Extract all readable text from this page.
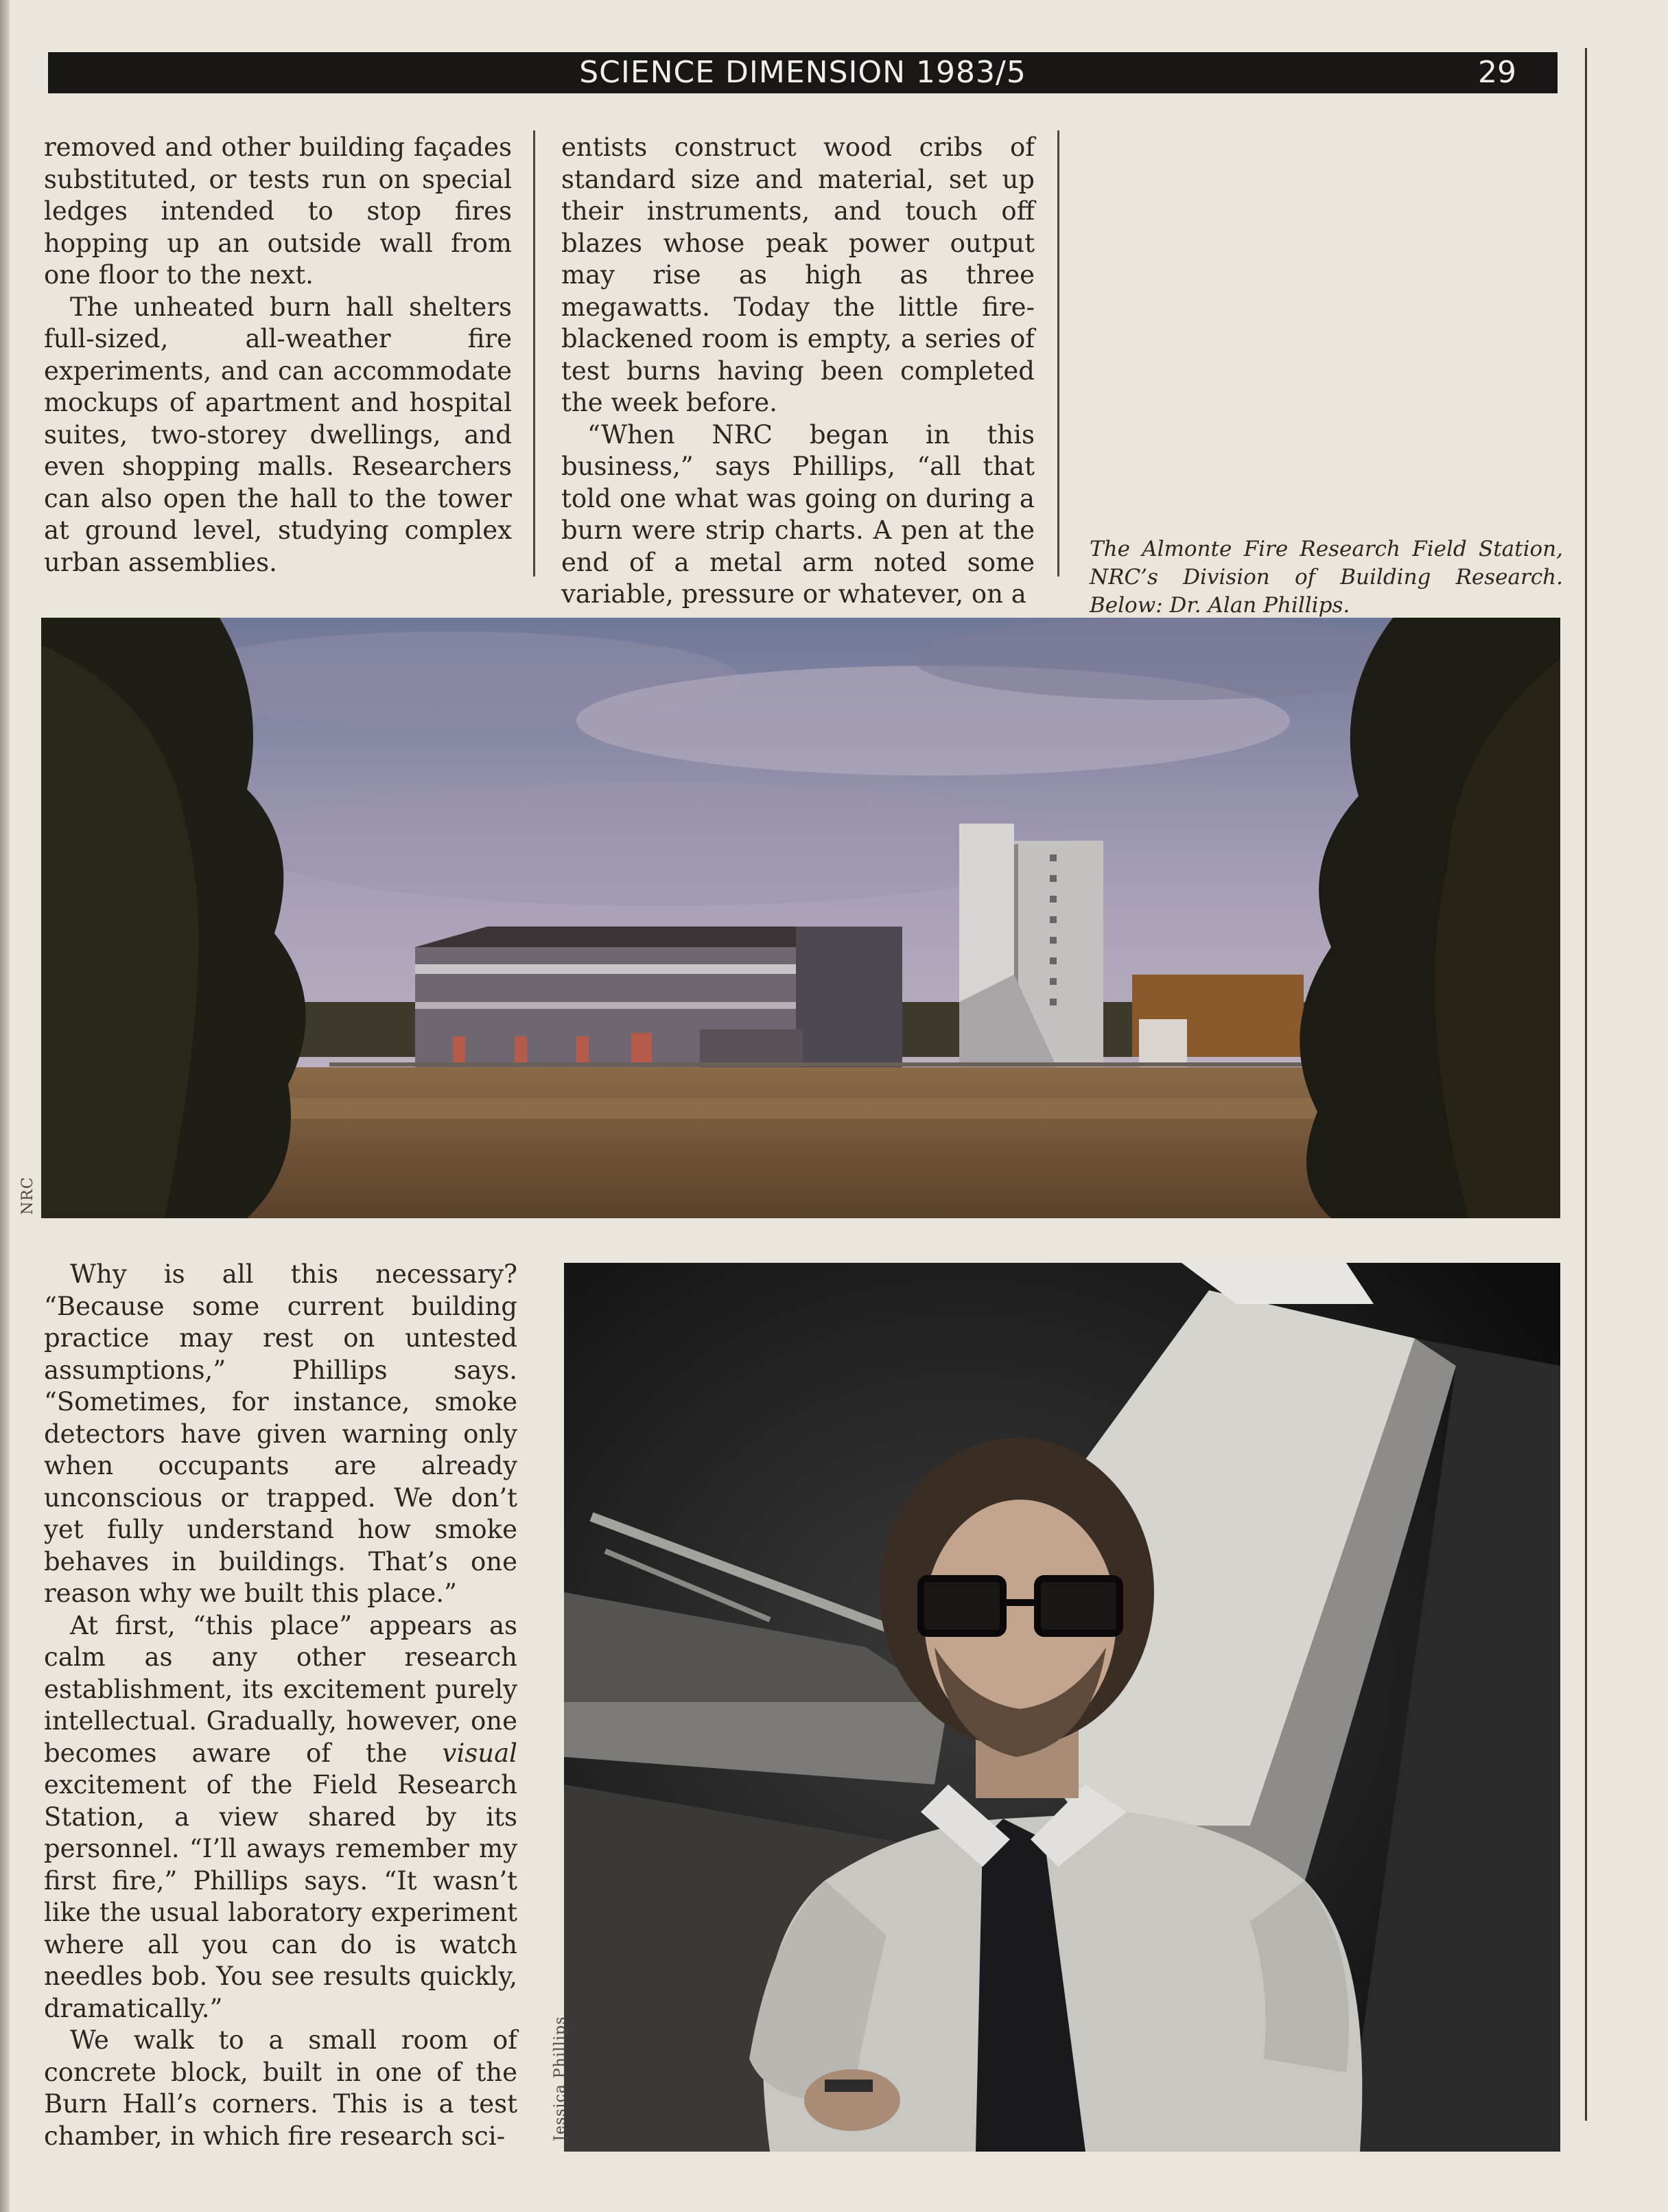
SCIENCE DIMENSION 1983/5	29

removed and other building façades substituted, or tests run on special ledges intended to stop fires hopping up an outside wall from one floor to the next.

The unheated burn hall shelters full-sized, all-weather fire experiments, and can accommodate mockups of apartment and hospital suites, two-storey dwellings, and even shopping malls. Researchers can also open the hall to the tower at ground level, studying complex urban assemblies.

entists construct wood cribs of standard size and material, set up their instruments, and touch off blazes whose peak power output may rise as high as three megawatts. Today the little fire-blackened room is empty, a series of test burns having been completed the week before.

“When NRC began in this business,” says Phillips, “all that told one what was going on during a burn were strip charts. A pen at the end of a metal arm noted some variable, pressure or whatever, on a

The Almonte Fire Research Field Station, NRC’s Division of Building Research. Below: Dr. Alan Phillips.

NRC

Why is all this necessary? “Because some current building practice may rest on untested assumptions,” Phillips says. “Sometimes, for instance, smoke detectors have given warning only when occupants are already unconscious or trapped. We don’t yet fully understand how smoke behaves in buildings. That’s one reason why we built this place.”

At first, “this place” appears as calm as any other research establishment, its excitement purely intellectual. Gradually, however, one becomes aware of the visual excitement of the Field Research Station, a view shared by its personnel. “I’ll aways remember my first fire,” Phillips says. “It wasn’t like the usual laboratory experiment where all you can do is watch needles bob. You see results quickly, dramatically.”

We walk to a small room of concrete block, built in one of the Burn Hall’s corners. This is a test chamber, in which fire research sci-	Jessica Phillips
